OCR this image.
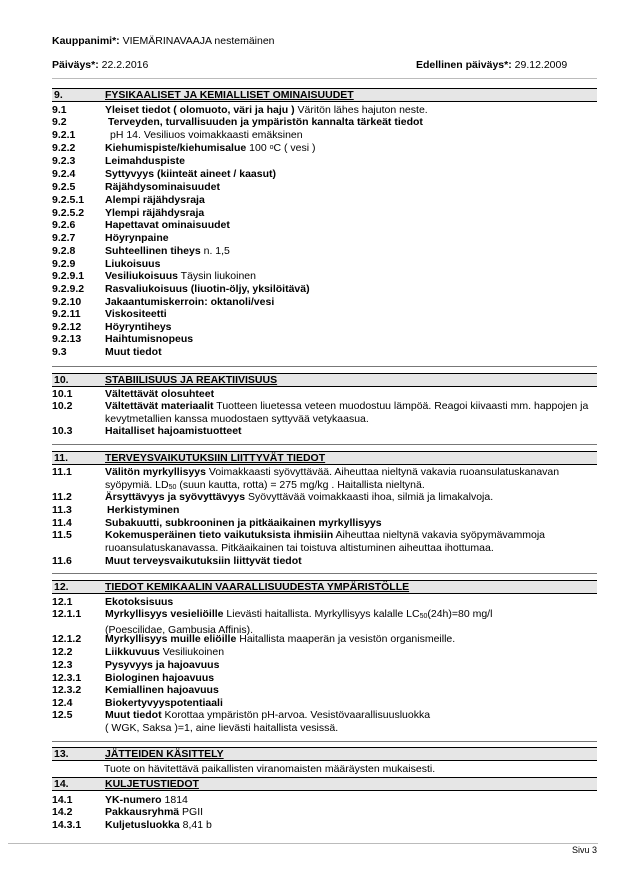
Kauppanimi*: VIEMÄRINAVAAJA nestemäinen
Päiväys*: 22.2.2016	Edellinen päiväys*: 29.12.2009
9.	FYSIKAALISET JA KEMIALLISET OMINAISUUDET
9.1	Yleiset tiedot ( olomuoto, väri ja haju ) Väritön lähes hajuton neste.
9.2	Terveyden, turvallisuuden ja ympäristön kannalta tärkeät tiedot
9.2.1	pH 14. Vesiliuos voimakkaasti emäksinen
9.2.2	Kiehumispiste/kiehumisalue 100 $^o$C ( vesi )
9.2.3	Leimahduspiste
9.2.4	Syttyvyys (kiinteät aineet / kaasut)
9.2.5	Räjähdysominaisuudet
9.2.5.1 Alempi räjähdysraja
9.2.5.2 Ylempi räjähdysraja
9.2.6	Hapettavat ominaisuudet
9.2.7	Höyrynpaine
9.2.8	Suhteellinen tiheys n. 1,5
9.2.9	Liukoisuus
9.2.9.1 Vesiliukoisuus Täysin liukoinen
9.2.9.2 Rasvaliukoisuus (liuotin-öljy, yksilöitävä)
9.2.10 Jakaantumiskerroin: oktanoli/vesi
9.2.11 Viskositeetti
9.2.12 Höyryntiheys
9.2.13 Haihtumisnopeus
9.3	Muut tiedot
10.	STABIILISUUS JA REAKTIIVISUUS
10.1	Vältettävät olosuhteet
10.2	Vältettävät materiaalit Tuotteen liuetessa veteen muodostuu lämpöä. Reagoi kiivaasti mm. happojen ja
kevytmetallien kanssa muodostaen syttyvää vetykaasua.
10.3	Haitalliset hajoamistuotteet
11.	TERVEYSVAIKUTUKSIIN LIITTYVÄT TIEDOT
11.1	Välitön myrkyllisyys Voimakkaasti syövyttävää. Aiheuttaa nieltynä vakavia ruoansulatuskanavan
syöpymiä. $LD_{50}$ (suun kautta, rotta) = 275 mg/kg . Haitallista nieltynä.
11.2	Ärsyttävyys ja syövyttävyys Syövyttävää voimakkaasti ihoa, silmiä ja limakalvoja.
11.3	Herkistyminen
11.4	Subakuutti, subkrooninen ja pitkäaikainen myrkyllisyys
11.5	Kokemusperäinen tieto vaikutuksista ihmisiin Aiheuttaa nieltynä vakavia syöpymävammoja
ruoansulatuskanavassa. Pitkäaikainen tai toistuva altistuminen aiheuttaa ihottumaa.
11.6	Muut terveysvaikutuksiin liittyvät tiedot
12.	TIEDOT KEMIKAALIN VAARALLISUUDESTA YMPÄRISTÖLLE
12.1	Ekotoksisuus
12.1.1 Myrkyllisyys vesieliöille Lievästi haitallista. Myrkyllisyys kalalle $LC_{50}(24h)=80$ mg/l
(Poescilidae, Gambusia Affinis).
12.1.2 Myrkyllisyys muille eliöille Haitallista maaperän ja vesistön organismeille.
12.2	Liikkuvuus Vesiliukoinen
12.3	Pysyvyys ja hajoavuus
12.3.1 Biologinen hajoavuus
12.3.2 Kemiallinen hajoavuus
12.4	Biokertyvyyspotentiaali
12.5	Muut tiedot Korottaa ympäristön pH-arvoa. Vesistövaarallisuusluokka
( WGK, Saksa )=1, aine lievästi haitallista vesissä.
13.	JÄTTEIDEN KÄSITTELY
Tuote on hävitettävä paikallisten viranomaisten määräysten mukaisesti.
14.	KULJETUSTIEDOT
14.1	YK-numero 1814
14.2	Pakkausryhmä PGII
14.3.1 Kuljetusluokka 8,41 b
Sivu 3
